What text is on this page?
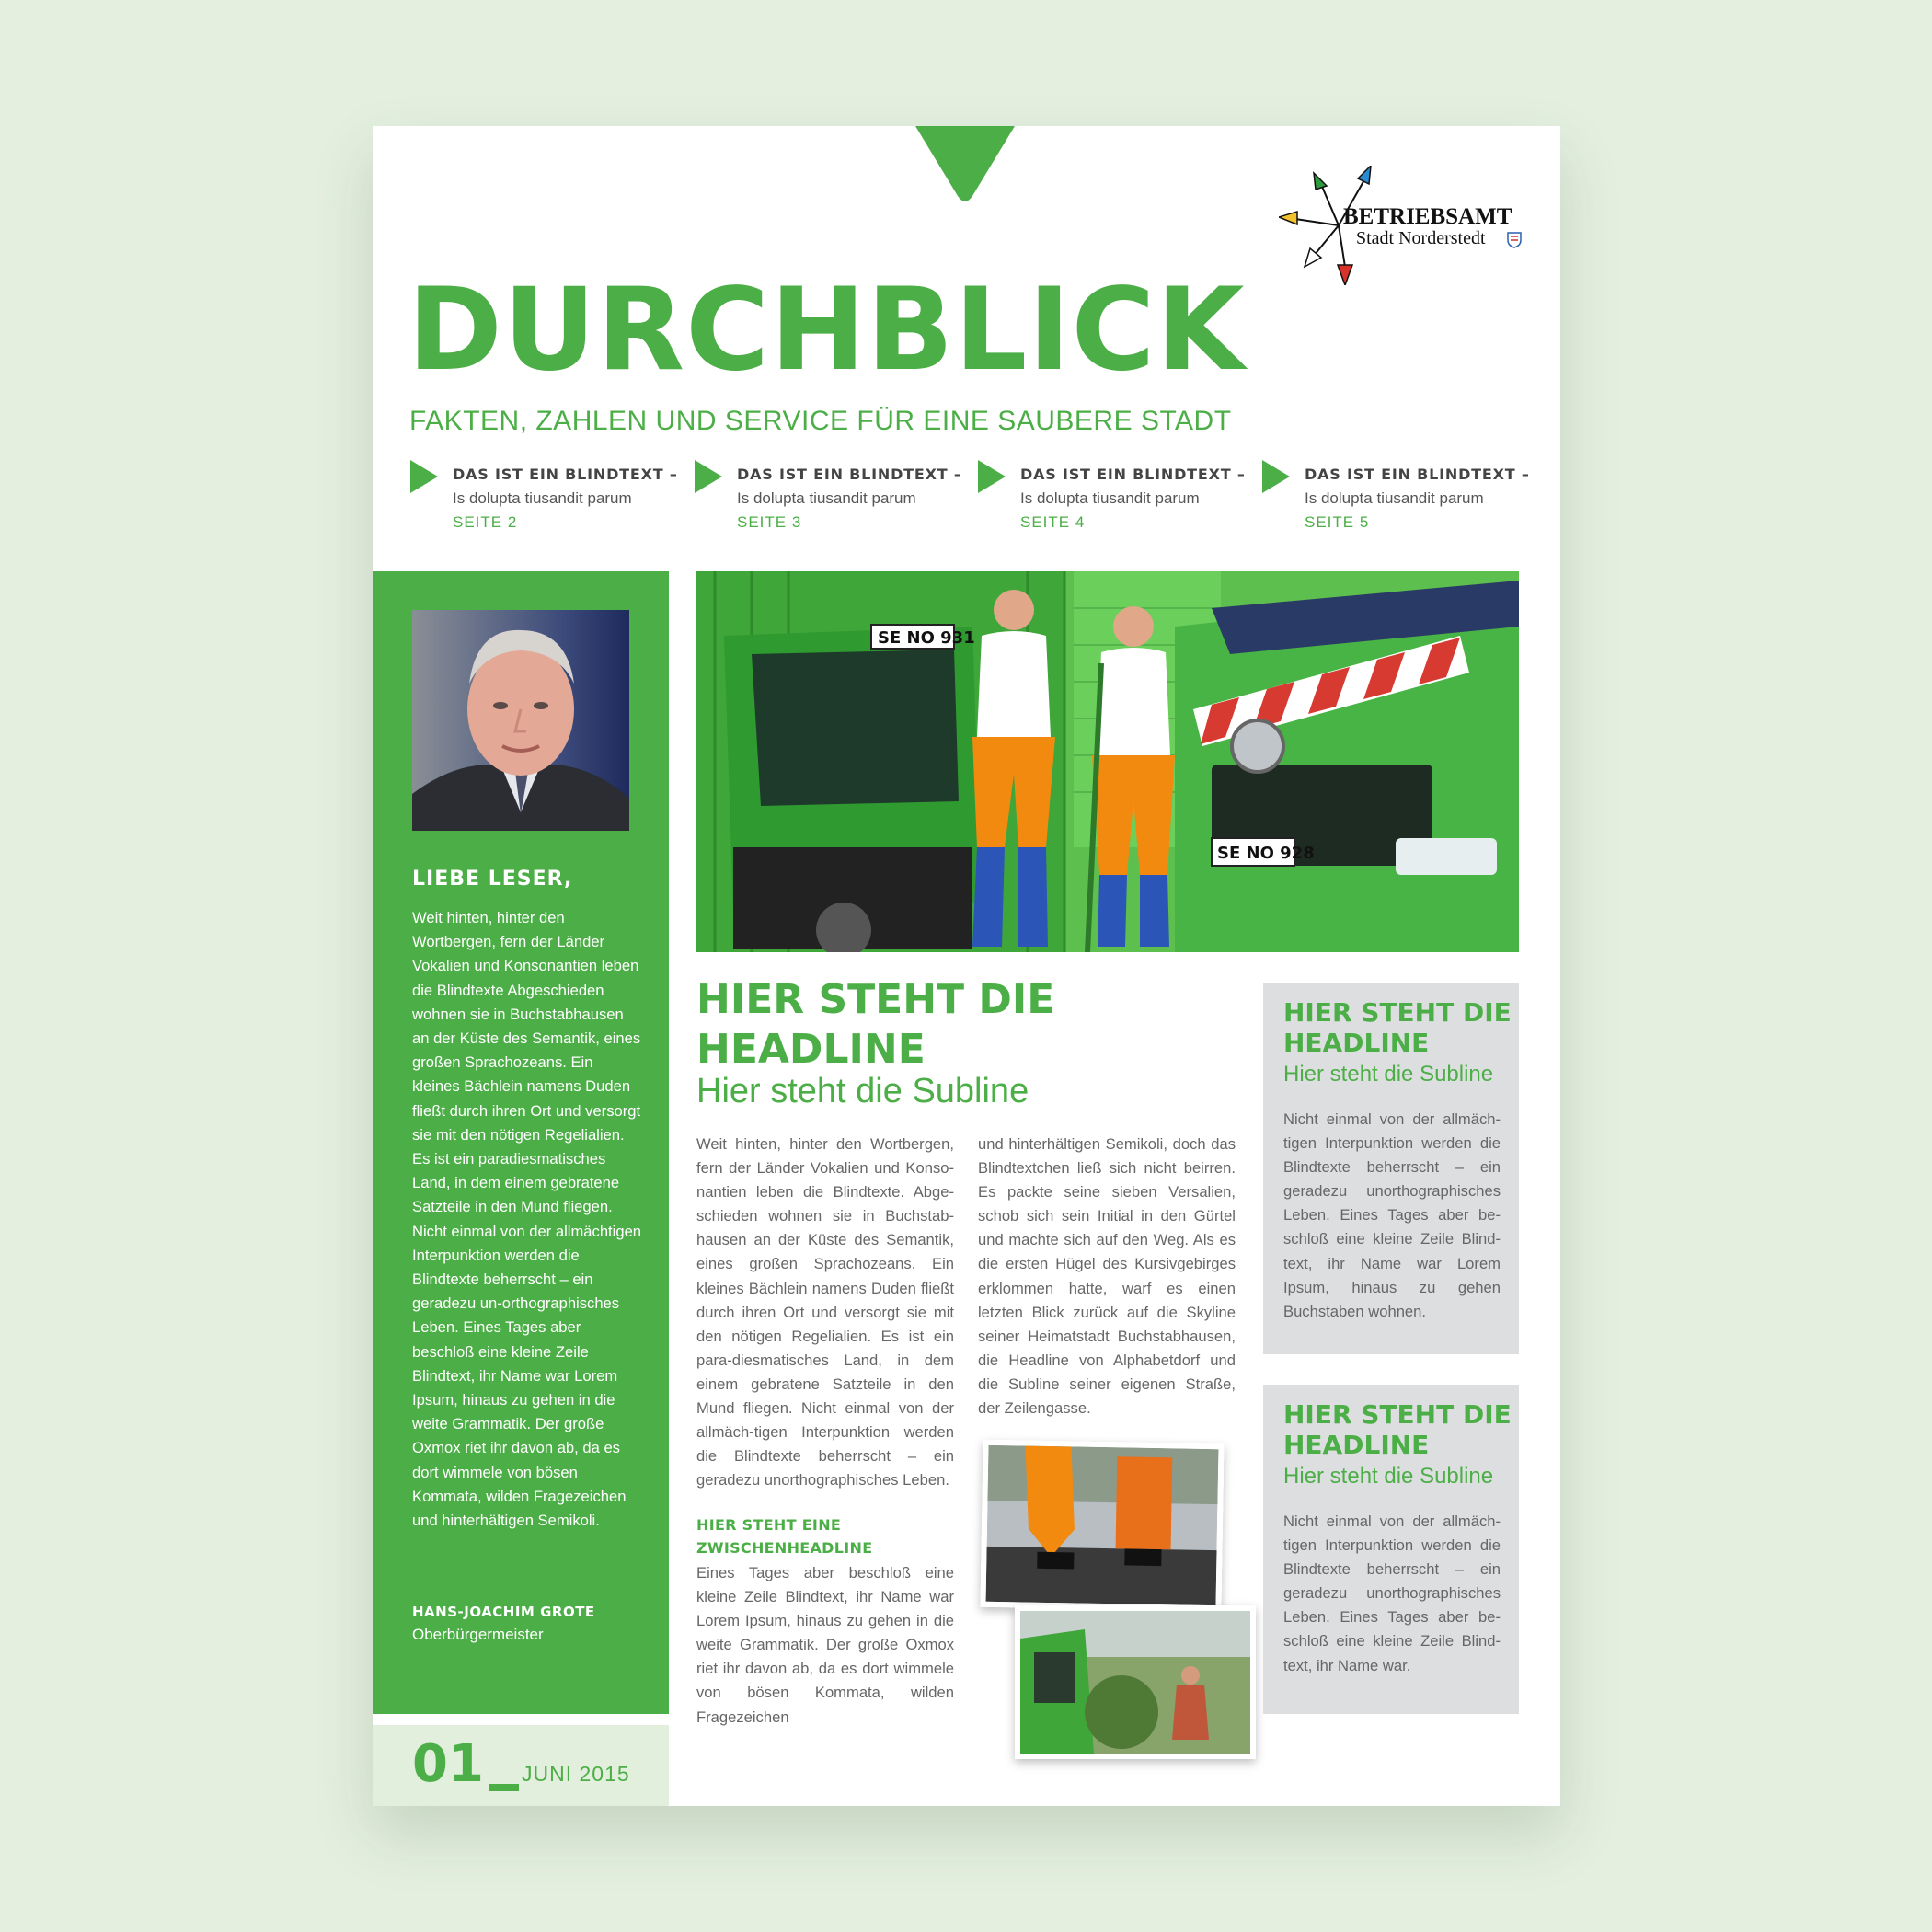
BETRIEBSAMT
Stadt Norderstedt
DURCHBLICK
FAKTEN, ZAHLEN UND SERVICE FÜR EINE SAUBERE STADT
DAS IST EIN BLINDTEXT –
Is dolupta tiusandit parum
SEITE 2
DAS IST EIN BLINDTEXT –
Is dolupta tiusandit parum
SEITE 3
DAS IST EIN BLINDTEXT –
Is dolupta tiusandit parum
SEITE 4
DAS IST EIN BLINDTEXT –
Is dolupta tiusandit parum
SEITE 5
LIEBE LESER,
Weit hinten, hinter den Wortbergen, fern der Länder Vokalien und Konsonantien leben die Blindtexte Abgeschieden wohnen sie in Buchstabhausen an der Küste des Semantik, eines großen Sprachozeans. Ein kleines Bächlein namens Duden fließt durch ihren Ort und versorgt sie mit den nötigen Regelialien. Es ist ein paradiesmatisches Land, in dem einem gebratene Satzteile in den Mund fliegen. Nicht einmal von der allmächtigen Interpunktion werden die Blindtexte beherrscht – ein geradezu un-orthographisches Leben. Eines Tages aber beschloß eine kleine Zeile Blindtext, ihr Name war Lorem Ipsum, hinaus zu gehen in die weite Grammatik. Der große Oxmox riet ihr davon ab, da es dort wimmele von bösen Kommata, wilden Fragezeichen und hinterhältigen Semikoli.
HANS-JOACHIM GROTE
Oberbürgermeister
01 JUNI 2015
SE NO 931
SE NO 928
HIER STEHT DIE HEADLINE
Hier steht die Subline
Weit hinten, hinter den Wortbergen, fern der Länder Vokalien und Konso-nantien leben die Blindtexte. Abge-schieden wohnen sie in Buchstab-hausen an der Küste des Semantik, eines großen Sprachozeans. Ein kleines Bächlein namens Duden fließt durch ihren Ort und versorgt sie mit den nötigen Regelialien. Es ist ein para-diesmatisches Land, in dem einem gebratene Satzteile in den Mund fliegen. Nicht einmal von der allmäch-tigen Interpunktion werden die Blindtexte beherrscht – ein geradezu unorthographisches Leben.
und hinterhältigen Semikoli, doch das Blindtextchen ließ sich nicht beirren. Es packte seine sieben Versalien, schob sich sein Initial in den Gürtel und machte sich auf den Weg. Als es die ersten Hügel des Kursivgebirges erklommen hatte, warf es einen letzten Blick zurück auf die Skyline seiner Heimatstadt Buchstabhausen, die Headline von Alphabetdorf und die Subline seiner eigenen Straße, der Zeilengasse.
HIER STEHT EINE ZWISCHENHEADLINE
Eines Tages aber beschloß eine kleine Zeile Blindtext, ihr Name war Lorem Ipsum, hinaus zu gehen in die weite Grammatik. Der große Oxmox riet ihr davon ab, da es dort wimmele von bösen Kommata, wilden Fragezeichen
HIER STEHT DIE HEADLINE
Hier steht die Subline
Nicht einmal von der allmäch-tigen Interpunktion werden die Blindtexte beherrscht – ein geradezu unorthographisches Leben. Eines Tages aber be-schloß eine kleine Zeile Blind-text, ihr Name war Lorem Ipsum, hinaus zu gehen Buchstaben wohnen.
HIER STEHT DIE HEADLINE
Hier steht die Subline
Nicht einmal von der allmäch-tigen Interpunktion werden die Blindtexte beherrscht – ein geradezu unorthographisches Leben. Eines Tages aber be-schloß eine kleine Zeile Blind-text, ihr Name war.
